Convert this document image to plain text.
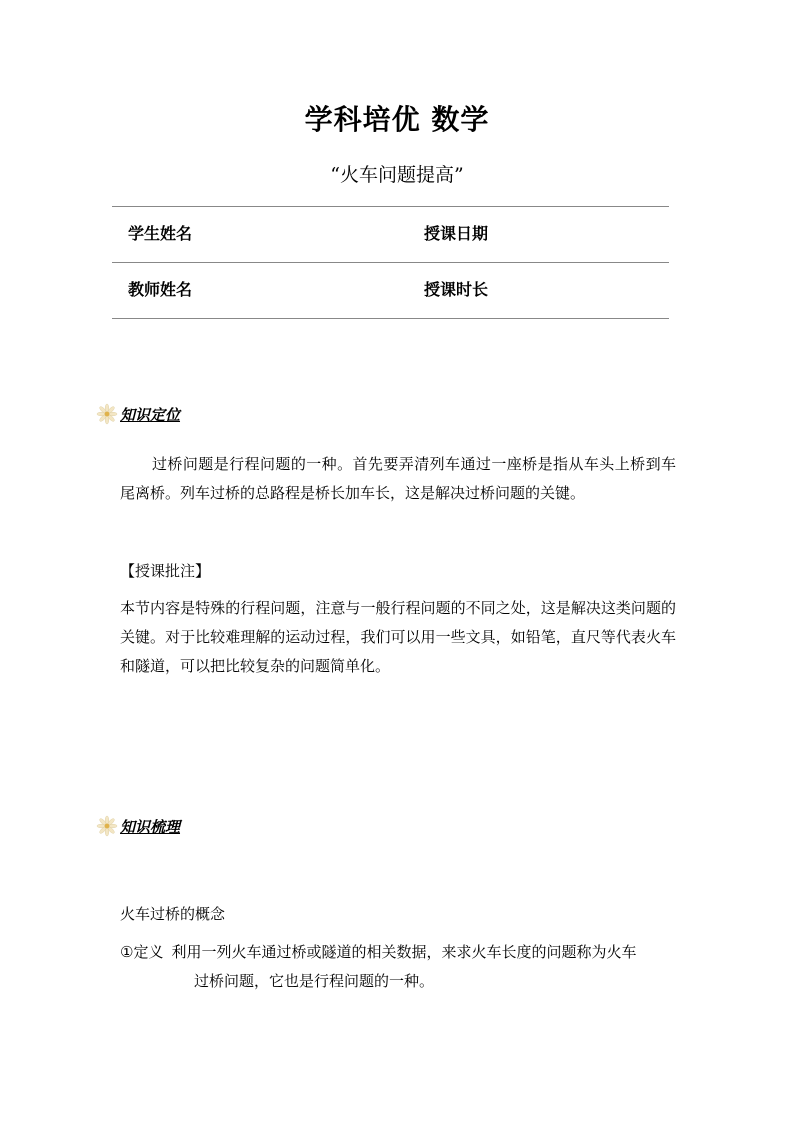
学科培优 数学
“火车问题提高”
学生姓名	授课日期
教师姓名	授课时长
知识定位
过桥问题是行程问题的一种。首先要弄清列车通过一座桥是指从车头上桥到车尾离桥。列车过桥的总路程是桥长加车长，这是解决过桥问题的关键。
【授课批注】
本节内容是特殊的行程问题，注意与一般行程问题的不同之处，这是解决这类问题的关键。对于比较难理解的运动过程，我们可以用一些文具，如铅笔，直尺等代表火车和隧道，可以把比较复杂的问题简单化。
知识梳理
火车过桥的概念
①定义 利用一列火车通过桥或隧道的相关数据，来求火车长度的问题称为火车
过桥问题，它也是行程问题的一种。
